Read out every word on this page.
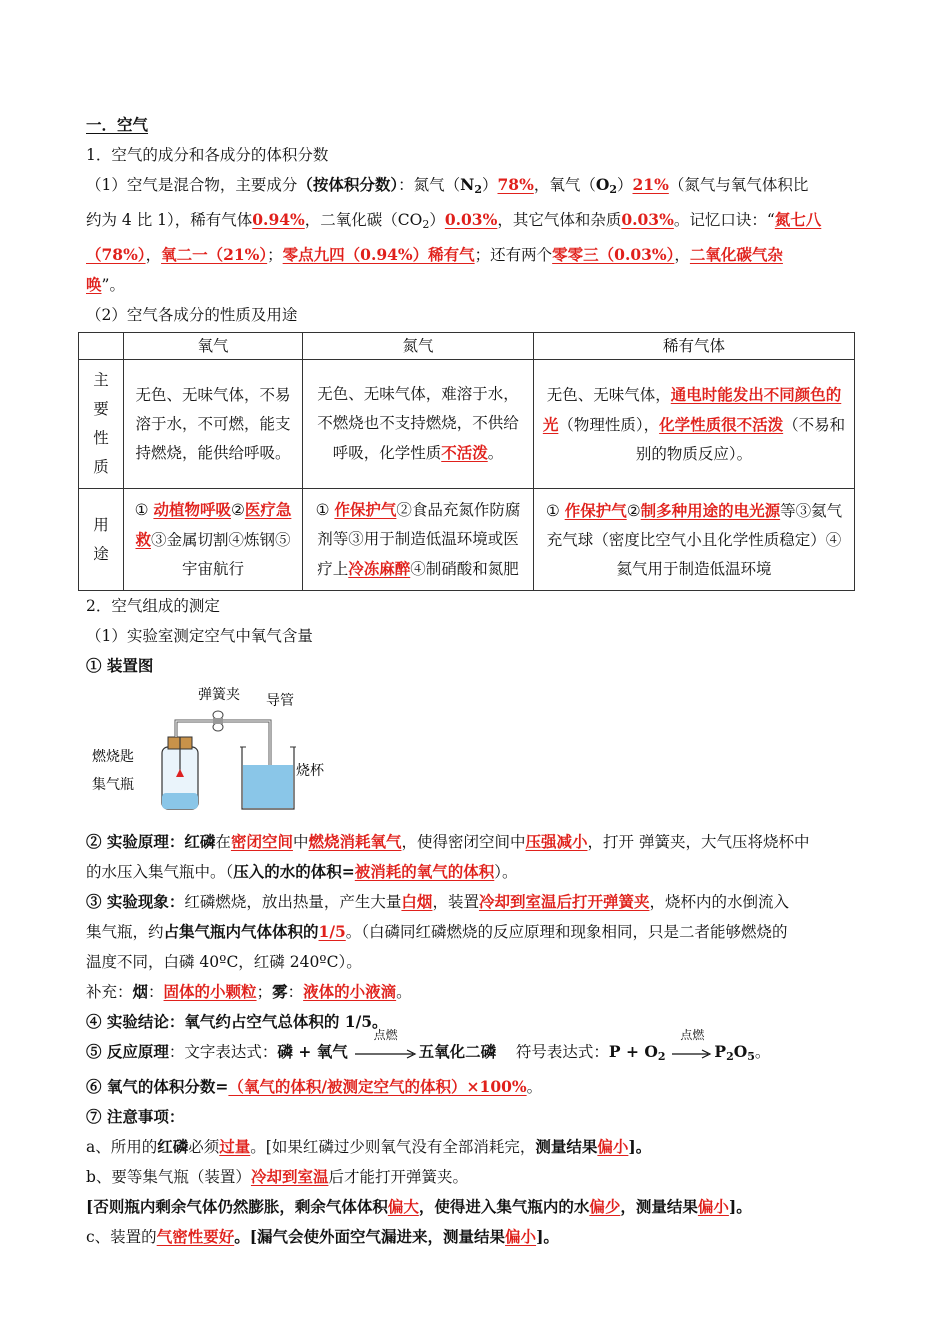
一．空气
1．空气的成分和各成分的体积分数
（1）空气是混合物，主要成分（按体积分数）：氮气$(N_2)78\%$，氧气$(O_2)21\%$（氮气与氧气体积比
约为 4 比 1），稀有气体0.94%，二氧化碳$(CO_2)0.03\%$，其它气体和杂质0.03%。记忆口诀：“氮七八
（78%），氧二一（21%）；零点九四（0.94%）稀有气；还有两个零零三（0.03%），二氧化碳气杂
唤”。
（2）空气各成分的性质及用途
	氧气	氮气	稀有气体
主要性质	无色、无味气体，不易溶于水，不可燃，能支持燃烧，能供给呼吸。	无色、无味气体，难溶于水，不燃烧也不支持燃烧，不供给呼吸，化学性质不活泼。	无色、无味气体，通电时能发出不同颜色的光（物理性质），化学性质很不活泼（不易和别的物质反应）。
用途	① 动植物呼吸②医疗急救③金属切割④炼钢⑤宇宙航行	① 作保护气②食品充氮作防腐剂等③用于制造低温环境或医疗上冷冻麻醉④制硝酸和氮肥	① 作保护气②制多种用途的电光源等③氦气充气球（密度比空气小且化学性质稳定）④氦气用于制造低温环境
2．空气组成的测定
（1）实验室测定空气中氧气含量
① 装置图
弹簧夹 导管
燃烧匙
集气瓶
烧杯
② 实验原理：红磷在密闭空间中燃烧消耗氧气，使得密闭空间中压强减小，打开 弹簧夹，大气压将烧杯中
的水压入集气瓶中。（压入的水的体积=被消耗的氧气的体积）。
③ 实验现象：红磷燃烧，放出热量，产生大量白烟，装置冷却到室温后打开弹簧夹，烧杯内的水倒流入
集气瓶，约占集气瓶内气体体积的1/5。（白磷同红磷燃烧的反应原理和现象相同，只是二者能够燃烧的
温度不同，白磷 40ºC，红磷 240ºC）。
补充：烟：固体的小颗粒；雾：液体的小液滴。
④ 实验结论：氧气约占空气总体积的 1/5。
⑤ 反应原理：文字表达式：磷 + 氧气
点燃
五氧化二磷 符号表达式：$P + O_2$
点燃
$P_2O_5$。
⑥ 氧气的体积分数=（氧气的体积/被测定空气的体积）×100%。
⑦ 注意事项：
a、所用的红磷必须过量。[如果红磷过少则氧气没有全部消耗完，测量结果偏小]。
b、要等集气瓶（装置）冷却到室温后才能打开弹簧夹。
[否则瓶内剩余气体仍然膨胀，剩余气体体积偏大，使得进入集气瓶内的水偏少，测量结果偏小]。
c、装置的气密性要好。[漏气会使外面空气漏进来，测量结果偏小]。
